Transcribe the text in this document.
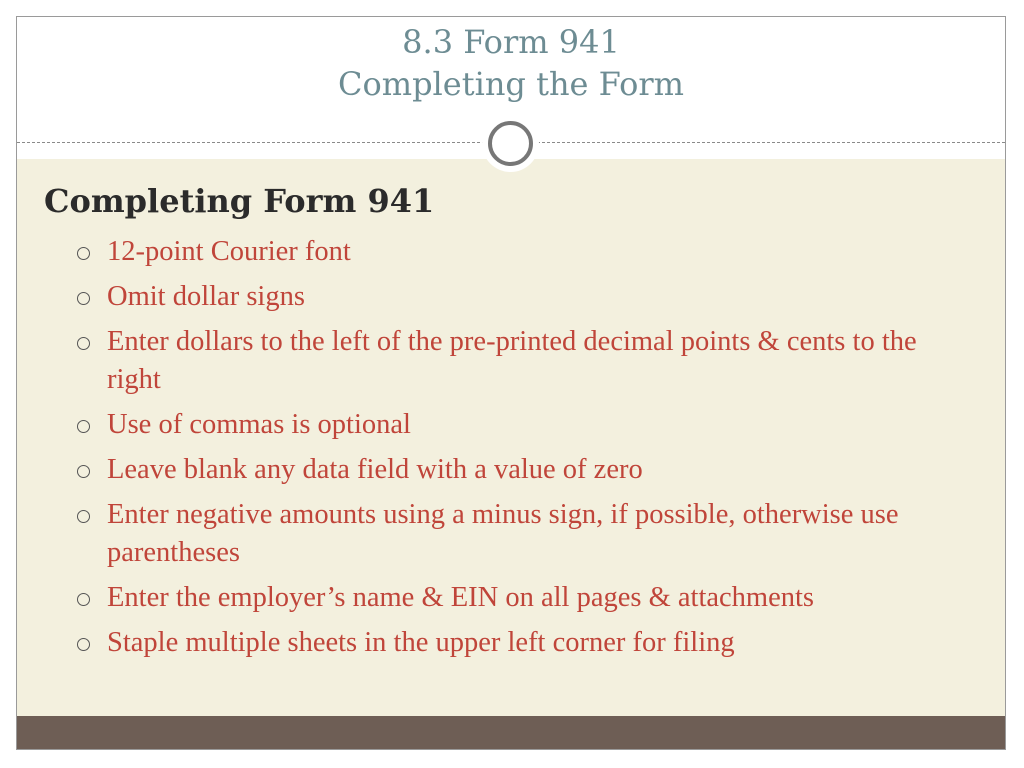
8.3 Form 941
Completing the Form
Completing Form 941
12-point Courier font
Omit dollar signs
Enter dollars to the left of the pre-printed decimal points & cents to the right
Use of commas is optional
Leave blank any data field with a value of zero
Enter negative amounts using a minus sign, if possible, otherwise use parentheses
Enter the employer’s name & EIN on all pages & attachments
Staple multiple sheets in the upper left corner for filing
